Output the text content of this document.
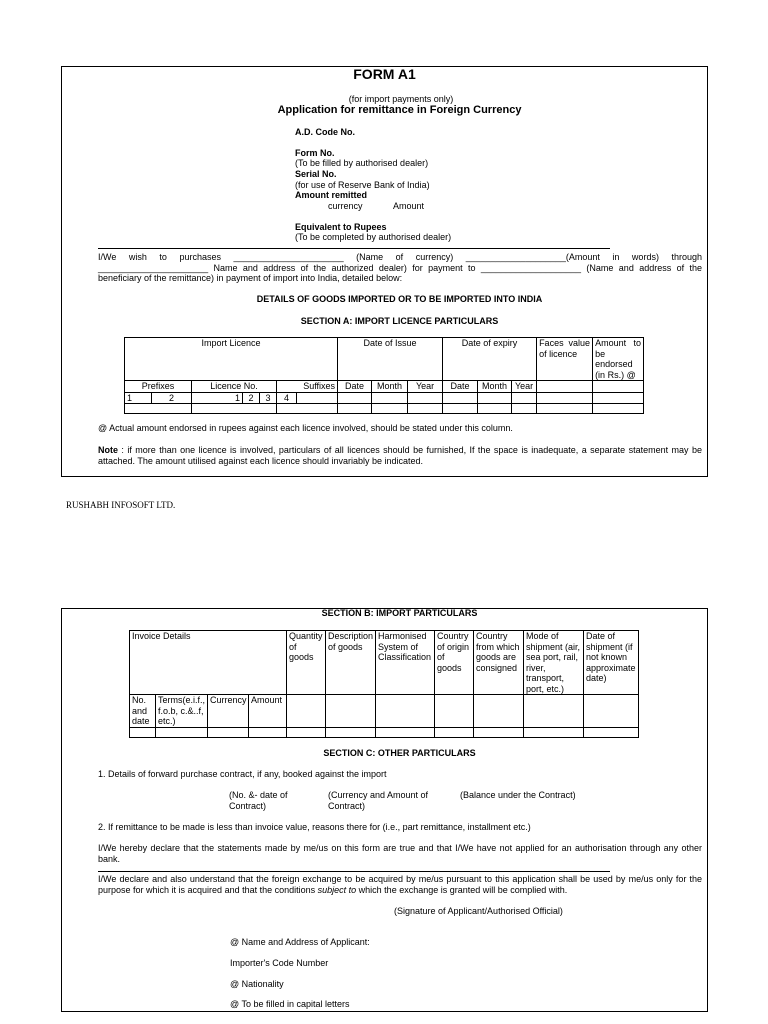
FORM A1
(for import payments only)
Application for remittance in Foreign Currency
A.D. Code No.
Form No.
(To be filled by authorised dealer)
Serial No.
(for use of Reserve Bank of India)
Amount remitted
currency	Amount
Equivalent to Rupees
(To be completed by authorised dealer)
I/We wish to purchases ______________________ (Name of currency) ____________________(Amount in words) through
______________________ Name and address of the authorized dealer) for payment to ____________________ (Name and address of the
beneficiary of the remittance) in payment of import into India, detailed below:
DETAILS OF GOODS IMPORTED OR TO BE IMPORTED INTO INDIA
SECTION A: IMPORT LICENCE PARTICULARS
Import Licence							Date of Issue			Date of expiry			Faces value of licence	Amount to be endorsed (in Rs.) @
Prefixes		Licence No.			Suffixes		Date	Month	Year	Date	Month	Year		
1	2	1	2	3	4									

@ Actual amount endorsed in rupees against each licence involved, should be stated under this column.
Note : if more than one licence is involved, particulars of all licences should be furnished, If the space is inadequate, a separate statement may be attached. The amount utilised against each licence should invariably be indicated.
RUSHABH INFOSOFT LTD.
SECTION B: IMPORT PARTICULARS
Invoice Details				Quantity of goods	Description of goods	Harmonised System of Classification	Country of origin of goods	Country from which goods are consigned	Mode of shipment (air, sea port, rail, river, transport, port, etc.)	Date of shipment (if not known approximate date)
No. and date	Terms(e.i.f., f.o.b, c.&..f, etc.)	Currency	Amount							

SECTION C: OTHER PARTICULARS
1. Details of forward purchase contract, if any, booked against the import
(No. &- date of Contract)
(Currency and Amount of Contract)
(Balance under the Contract)
2. If remittance to be made is less than invoice value, reasons there for (i.e., part remittance, installment etc.)
I/We hereby declare that the statements made by me/us on this form are true and that I/We have not applied for an authorisation through any other bank.
I/We declare and also understand that the foreign exchange to be acquired by me/us pursuant to this application shall be used by me/us only for the purpose for which it is acquired and that the conditions subject to which the exchange is granted will be complied with.
(Signature of Applicant/Authorised Official)
@ Name and Address of Applicant:
Importer's Code Number
@ Nationality
@ To be filled in capital letters
